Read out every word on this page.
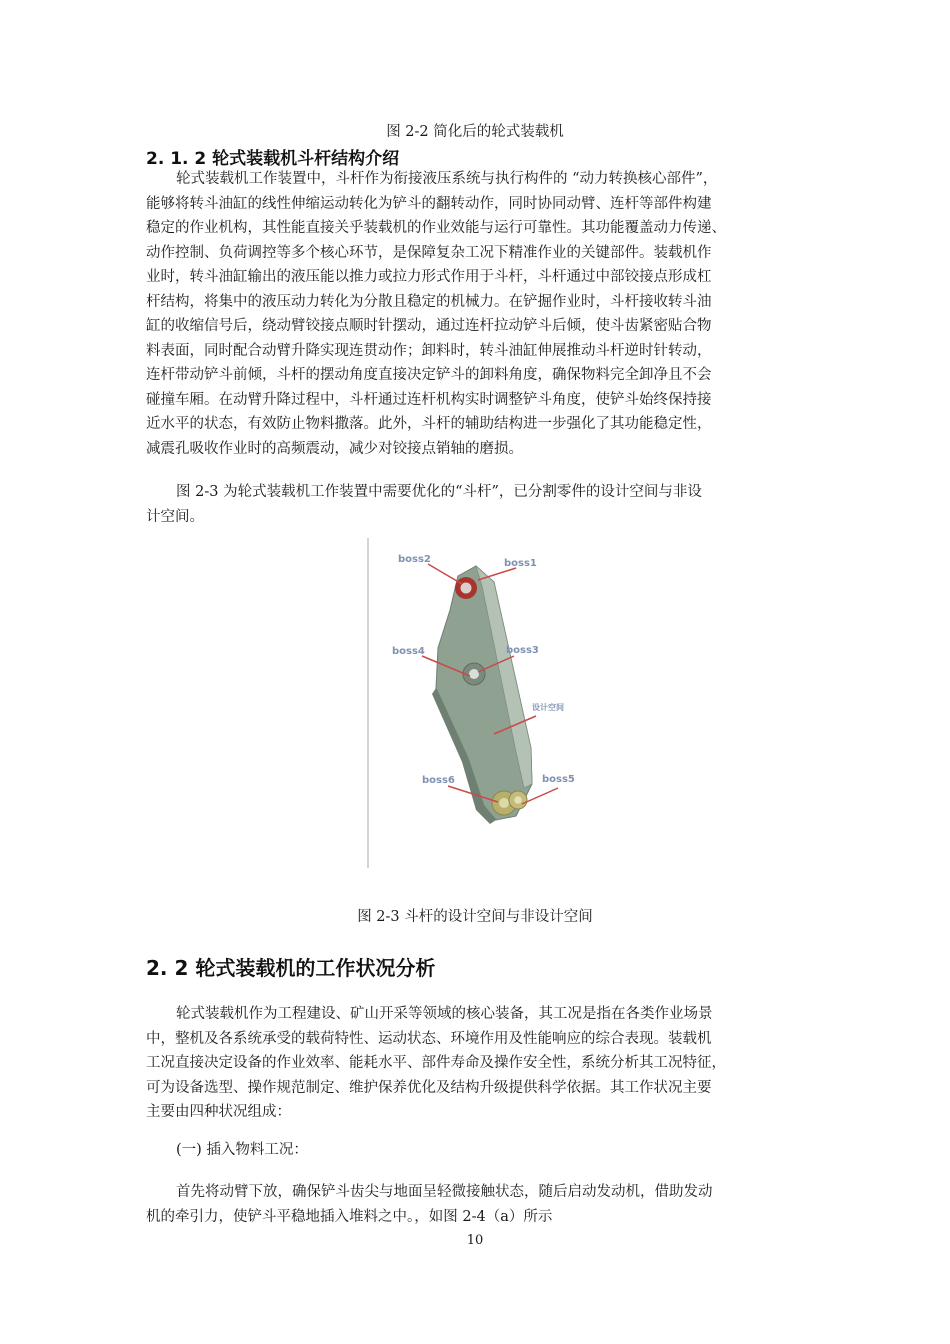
图 2-2 简化后的轮式装载机
2. 1. 2 轮式装载机斗杆结构介绍
轮式装载机工作装置中，斗杆作为衔接液压系统与执行构件的 “动力转换核心部件”，
能够将转斗油缸的线性伸缩运动转化为铲斗的翻转动作，同时协同动臂、连杆等部件构建
稳定的作业机构，其性能直接关乎装载机的作业效能与运行可靠性。其功能覆盖动力传递、
动作控制、负荷调控等多个核心环节，是保障复杂工况下精准作业的关键部件。装载机作
业时，转斗油缸输出的液压能以推力或拉力形式作用于斗杆，斗杆通过中部铰接点形成杠
杆结构，将集中的液压动力转化为分散且稳定的机械力。在铲掘作业时，斗杆接收转斗油
缸的收缩信号后，绕动臂铰接点顺时针摆动，通过连杆拉动铲斗后倾，使斗齿紧密贴合物
料表面，同时配合动臂升降实现连贯动作；卸料时，转斗油缸伸展推动斗杆逆时针转动，
连杆带动铲斗前倾，斗杆的摆动角度直接决定铲斗的卸料角度，确保物料完全卸净且不会
碰撞车厢。在动臂升降过程中，斗杆通过连杆机构实时调整铲斗角度，使铲斗始终保持接
近水平的状态，有效防止物料撒落。此外，斗杆的辅助结构进一步强化了其功能稳定性，
减震孔吸收作业时的高频震动，减少对铰接点销轴的磨损。
图 2-3 为轮式装载机工作装置中需要优化的“斗杆”，已分割零件的设计空间与非设
计空间。
boss2	boss1
boss4	boss3
设计空间
boss6	boss5
图 2-3 斗杆的设计空间与非设计空间
2. 2 轮式装载机的工作状况分析
轮式装载机作为工程建设、矿山开采等领域的核心装备，其工况是指在各类作业场景
中，整机及各系统承受的载荷特性、运动状态、环境作用及性能响应的综合表现。装载机
工况直接决定设备的作业效率、能耗水平、部件寿命及操作安全性，系统分析其工况特征，
可为设备选型、操作规范制定、维护保养优化及结构升级提供科学依据。其工作状况主要
主要由四种状况组成：
(一) 插入物料工况：
首先将动臂下放，确保铲斗齿尖与地面呈轻微接触状态，随后启动发动机，借助发动
机的牵引力，使铲斗平稳地插入堆料之中。，如图 2-4（a）所示
10
